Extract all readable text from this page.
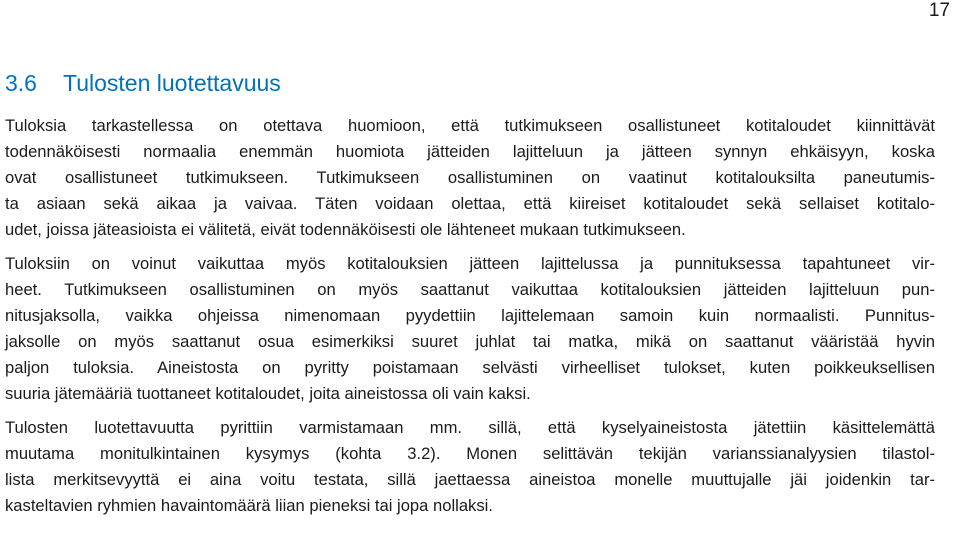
17
3.6 Tulosten luotettavuus

Tuloksia tarkastellessa on otettava huomioon, että tutkimukseen osallistuneet kotitaloudet kiinnittävät
todennäköisesti normaalia enemmän huomiota jätteiden lajitteluun ja jätteen synnyn ehkäisyyn, koska
ovat osallistuneet tutkimukseen. Tutkimukseen osallistuminen on vaatinut kotitalouksilta paneutumis-
ta asiaan sekä aikaa ja vaivaa. Täten voidaan olettaa, että kiireiset kotitaloudet sekä sellaiset kotitalo-
udet, joissa jäteasioista ei välitetä, eivät todennäköisesti ole lähteneet mukaan tutkimukseen.

Tuloksiin on voinut vaikuttaa myös kotitalouksien jätteen lajittelussa ja punnituksessa tapahtuneet vir-
heet. Tutkimukseen osallistuminen on myös saattanut vaikuttaa kotitalouksien jätteiden lajitteluun pun-
nitusjaksolla, vaikka ohjeissa nimenomaan pyydettiin lajittelemaan samoin kuin normaalisti. Punnitus-
jaksolle on myös saattanut osua esimerkiksi suuret juhlat tai matka, mikä on saattanut vääristää hyvin
paljon tuloksia. Aineistosta on pyritty poistamaan selvästi virheelliset tulokset, kuten poikkeuksellisen
suuria jätemääriä tuottaneet kotitaloudet, joita aineistossa oli vain kaksi.

Tulosten luotettavuutta pyrittiin varmistamaan mm. sillä, että kyselyaineistosta jätettiin käsittelemättä
muutama monitulkintainen kysymys (kohta 3.2). Monen selittävän tekijän varianssianalyysien tilastol-
lista merkitsevyyttä ei aina voitu testata, sillä jaettaessa aineistoa monelle muuttujalle jäi joidenkin tar-
kasteltavien ryhmien havaintomäärä liian pieneksi tai jopa nollaksi.
